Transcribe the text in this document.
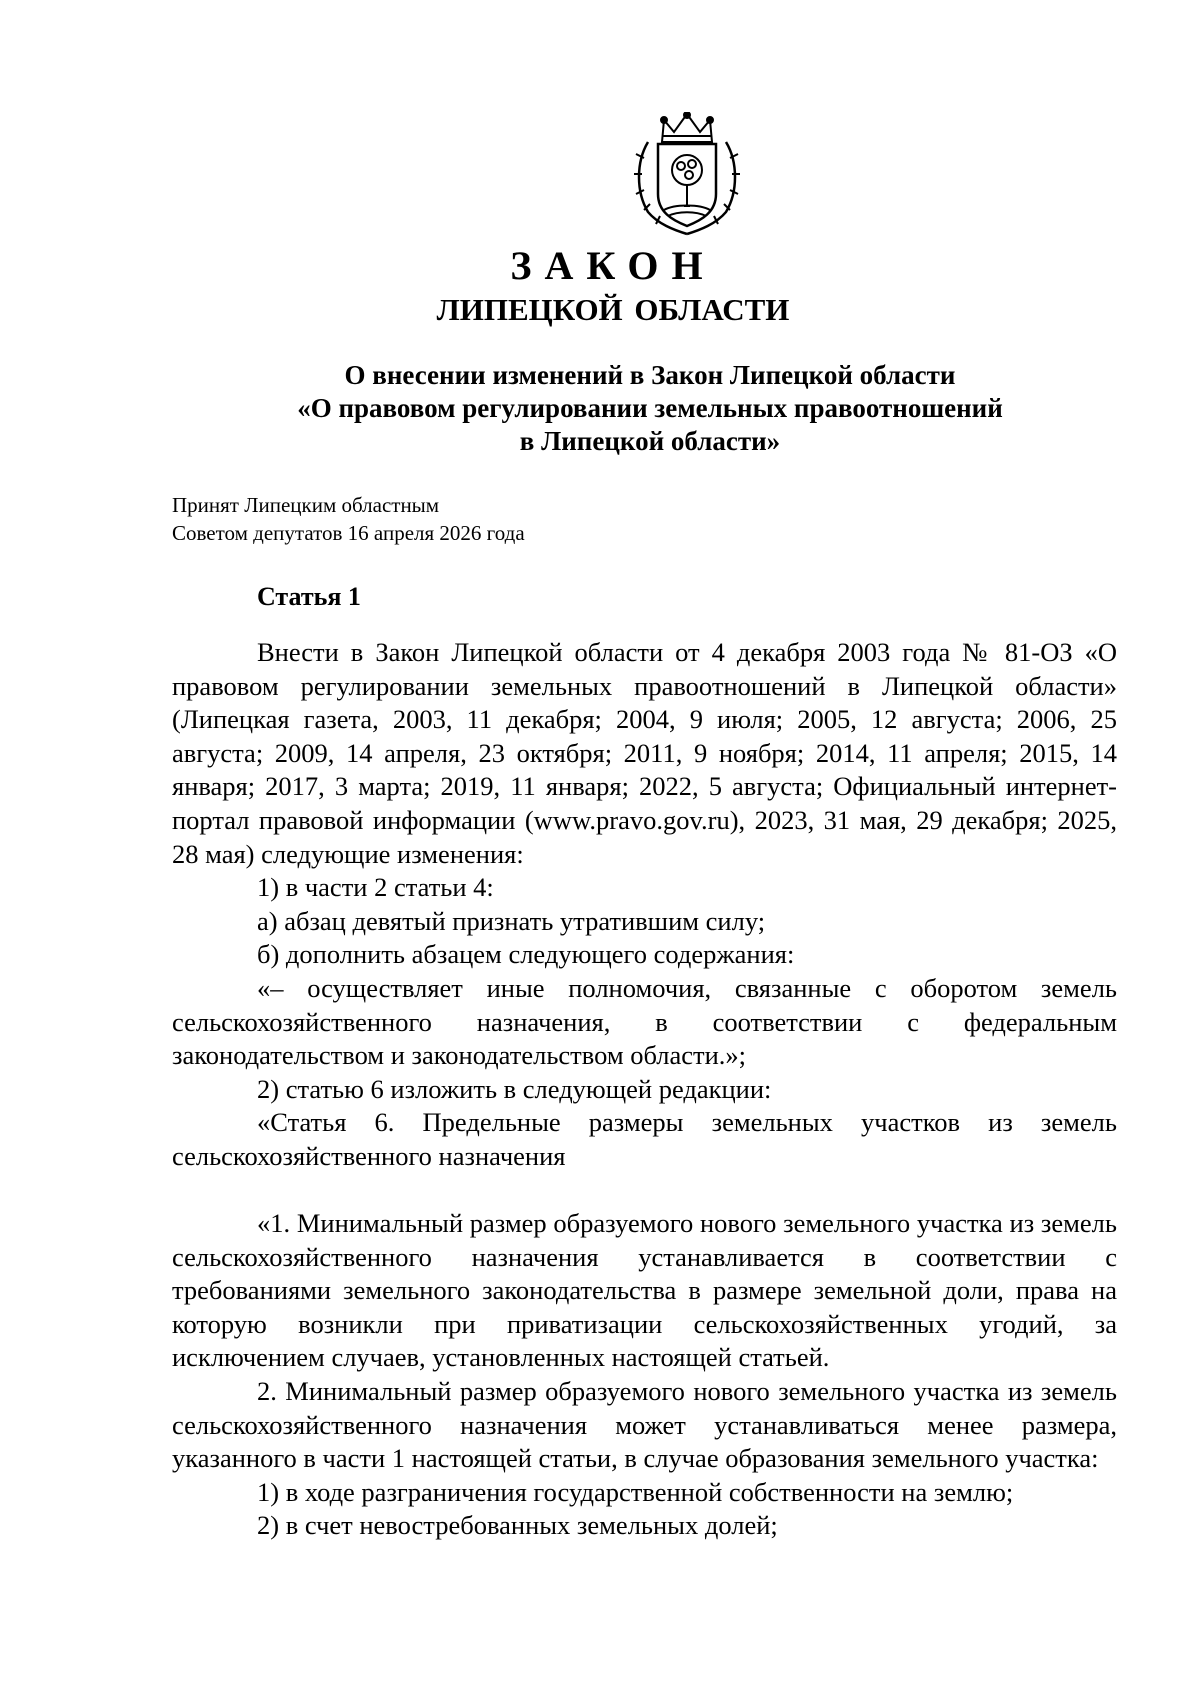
ЗАКОН
ЛИПЕЦКОЙ ОБЛАСТИ
О внесении изменений в Закон Липецкой области
«О правовом регулировании земельных правоотношений
в Липецкой области»
Принят Липецким областным
Советом депутатов 16 апреля 2026 года
Статья 1

Внести в Закон Липецкой области от 4 декабря 2003 года № 81-ОЗ «О правовом регулировании земельных правоотношений в Липецкой области» (Липецкая газета, 2003, 11 декабря; 2004, 9 июля; 2005, 12 августа; 2006, 25 августа; 2009, 14 апреля, 23 октября; 2011, 9 ноября; 2014, 11 апреля; 2015, 14 января; 2017, 3 марта; 2019, 11 января; 2022, 5 августа; Официальный интернет-портал правовой информации (www.pravo.gov.ru), 2023, 31 мая, 29 декабря; 2025, 28 мая) следующие изменения:

1) в части 2 статьи 4:

а) абзац девятый признать утратившим силу;

б) дополнить абзацем следующего содержания:

«– осуществляет иные полномочия, связанные с оборотом земель сельскохозяйственного назначения, в соответствии с федеральным законодательством и законодательством области.»;

2) статью 6 изложить в следующей редакции:

«Статья 6. Предельные размеры земельных участков из земель сельскохозяйственного назначения

«1. Минимальный размер образуемого нового земельного участка из земель сельскохозяйственного назначения устанавливается в соответствии с требованиями земельного законодательства в размере земельной доли, права на которую возникли при приватизации сельскохозяйственных угодий, за исключением случаев, установленных настоящей статьей.

2. Минимальный размер образуемого нового земельного участка из земель сельскохозяйственного назначения может устанавливаться менее размера, указанного в части 1 настоящей статьи, в случае образования земельного участка:

1) в ходе разграничения государственной собственности на землю;

2) в счет невостребованных земельных долей;
